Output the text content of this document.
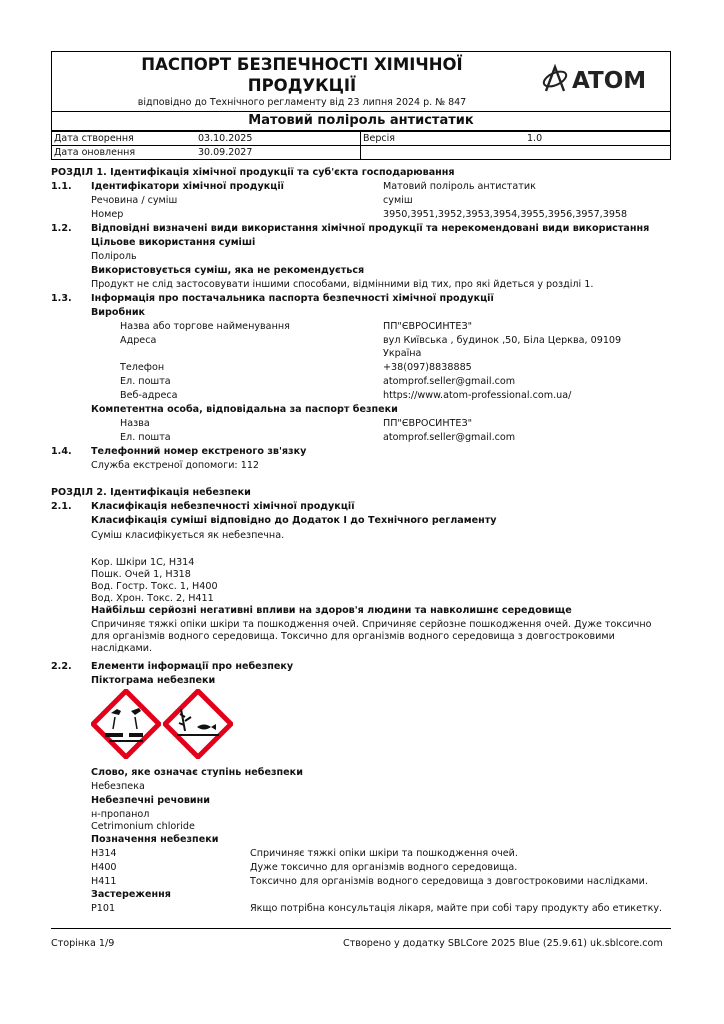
ПАСПОРТ БЕЗПЕЧНОСТІ ХІМІЧНОЇ
ПРОДУКЦІЇ
відповідно до Технічного регламенту від 23 липня 2024 р. № 847
ATOM
Матовий поліроль антистатик
Дата створення	03.10.2025	Версія	1.0
Дата оновлення	30.09.2027		
РОЗДІЛ 1. Ідентифікація хімічної продукції та суб'єкта господарювання
1.1. Ідентифікатори хімічної продукції	Матовий поліроль антистатик
Речовина / суміш	суміш
Номер	3950,3951,3952,3953,3954,3955,3956,3957,3958
1.2. Відповідні визначені види використання хімічної продукції та нерекомендовані види використання
Цільове використання суміші
Поліроль
Використовується суміш, яка не рекомендується
Продукт не слід застосовувати іншими способами, відмінними від тих, про які йдеться у розділі 1.
1.3. Інформація про постачальника паспорта безпечності хімічної продукції
Виробник
Назва або торгове найменування	ПП"ЄВРОСИНТЕЗ"
Адреса	вул Київська , будинок ,50, Біла Церква, 09109
Україна
Телефон	+38(097)8838885
Ел. пошта	atomprof.seller@gmail.com
Веб-адреса	https://www.atom-professional.com.ua/
Компетентна особа, відповідальна за паспорт безпеки
Назва	ПП"ЄВРОСИНТЕЗ"
Ел. пошта	atomprof.seller@gmail.com
1.4. Телефонний номер екстреного зв'язку
Служба екстреної допомоги: 112
РОЗДІЛ 2. Ідентифікація небезпеки
2.1. Класифікація небезпечності хімічної продукції
Класифікація суміші відповідно до Додаток I до Технічного регламенту
Суміш класифікується як небезпечна.
Кор. Шкіри 1C, H314
Пошк. Очей 1, H318
Вод. Гостр. Токс. 1, H400
Вод. Хрон. Токс. 2, H411
Найбільш серйозні негативні впливи на здоров'я людини та навколишнє середовище
Спричиняє тяжкі опіки шкіри та пошкодження очей. Спричиняє серйозне пошкодження очей. Дуже токсично для організмів водного середовища. Токсично для організмів водного середовища з довгостроковими наслідками.
2.2. Елементи інформації про небезпеку
Піктограма небезпеки
Слово, яке означає ступінь небезпеки
Небезпека
Небезпечні речовини
н-пропанол
Cetrimonium chloride
Позначення небезпеки
H314	Спричиняє тяжкі опіки шкіри та пошкодження очей.
H400	Дуже токсично для організмів водного середовища.
H411	Токсично для організмів водного середовища з довгостроковими наслідками.
Застереження
P101	Якщо потрібна консультація лікаря, майте при собі тару продукту або етикетку.
Сторінка 1/9	Створено у додатку SBLCore 2025 Blue (25.9.61) uk.sblcore.com
